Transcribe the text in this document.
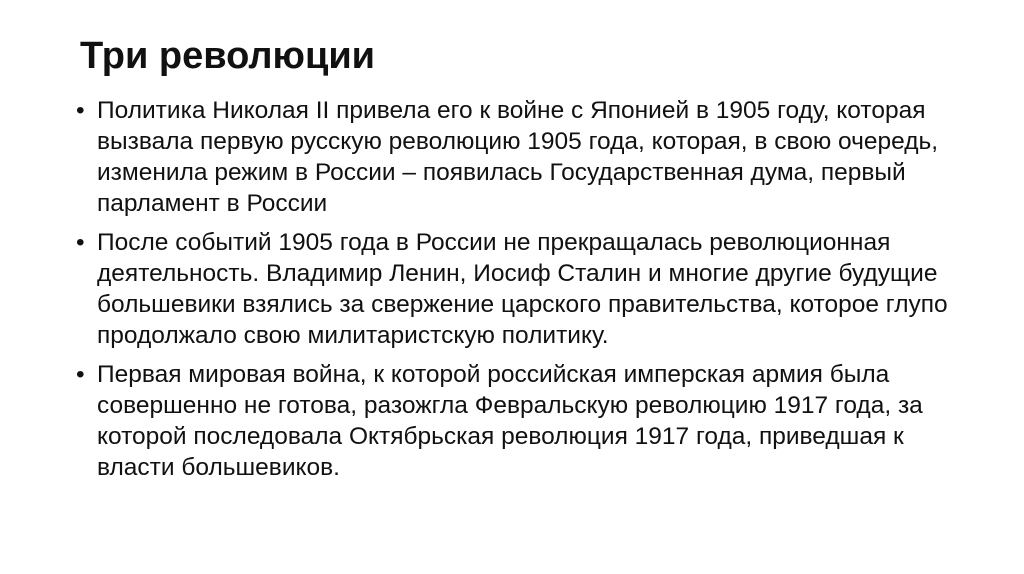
Три революции
• Политика Николая II привела его к войне с Японией в 1905 году, которая вызвала первую русскую революцию 1905 года, которая, в свою очередь, изменила режим в России – появилась Государственная дума, первый парламент в России
• После событий 1905 года в России не прекращалась революционная деятельность. Владимир Ленин, Иосиф Сталин и многие другие будущие большевики взялись за свержение царского правительства, которое глупо продолжало свою милитаристскую политику.
• Первая мировая война, к которой российская имперская армия была совершенно не готова, разожгла Февральскую революцию 1917 года, за которой последовала Октябрьская революция 1917 года, приведшая к власти большевиков.
